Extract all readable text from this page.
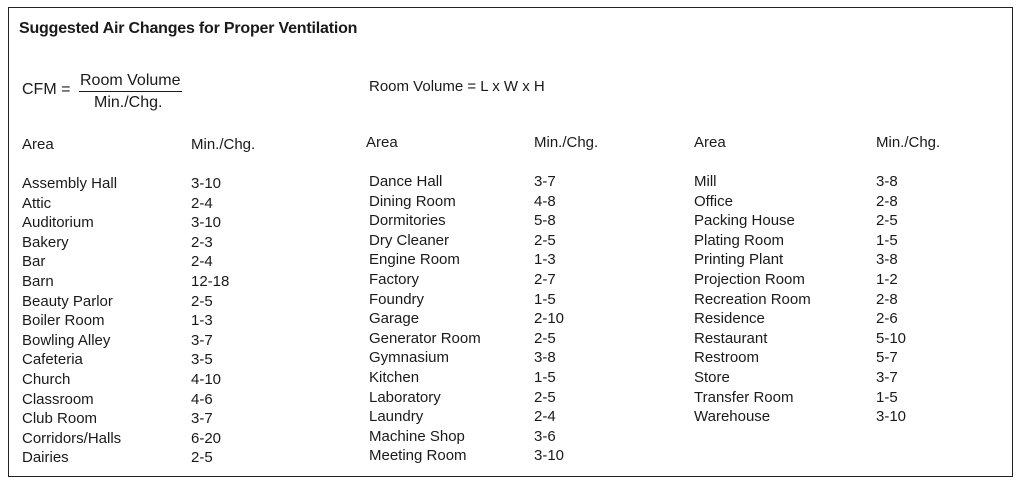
Suggested Air Changes for Proper Ventilation
CFM =
Room Volume
Min./Chg.
Room Volume = L x W x H
Area	Min./Chg.
Assembly Hall	3-10
Attic	2-4
Auditorium	3-10
Bakery	2-3
Bar	2-4
Barn	12-18
Beauty Parlor	2-5
Boiler Room	1-3
Bowling Alley	3-7
Cafeteria	3-5
Church	4-10
Classroom	4-6
Club Room	3-7
Corridors/Halls	6-20
Dairies	2-5
Area	Min./Chg.
Dance Hall	3-7
Dining Room	4-8
Dormitories	5-8
Dry Cleaner	2-5
Engine Room	1-3
Factory	2-7
Foundry	1-5
Garage	2-10
Generator Room	2-5
Gymnasium	3-8
Kitchen	1-5
Laboratory	2-5
Laundry	2-4
Machine Shop	3-6
Meeting Room	3-10
Area	Min./Chg.
Mill	3-8
Office	2-8
Packing House	2-5
Plating Room	1-5
Printing Plant	3-8
Projection Room	1-2
Recreation Room	2-8
Residence	2-6
Restaurant	5-10
Restroom	5-7
Store	3-7
Transfer Room	1-5
Warehouse	3-10
